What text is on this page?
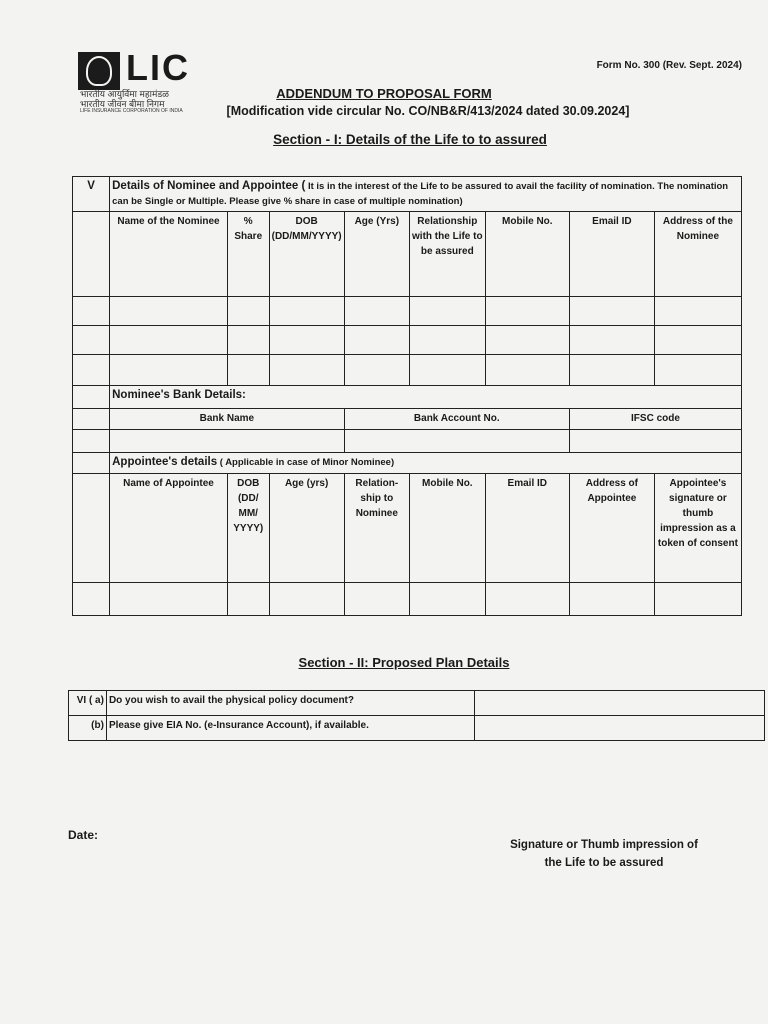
LIC
भारतीय आयुर्विमा महामंडळ
भारतीय जीवन बीमा निगम
LIFE INSURANCE CORPORATION OF INDIA
Form No. 300 (Rev. Sept. 2024)
ADDENDUM TO PROPOSAL FORM
[Modification vide circular No. CO/NB&R/413/2024 dated 30.09.2024]
Section - I: Details of the Life to to assured
V	Details of Nominee and Appointee ( It is in the interest of the Life to be assured to avail the facility of nomination. The nomination can be Single or Multiple. Please give % share in case of multiple nomination)							
	Name of the Nominee	% Share	DOB (DD/MM/YYYY)	Age (Yrs)	Relationship with the Life to be assured	Mobile No.	Email ID	Address of the Nominee

	Nominee's Bank Details:							
	Bank Name			Bank Account No.			IFSC code	

	Appointee's details ( Applicable in case of Minor Nominee)							
	Name of Appointee	DOB (DD/ MM/ YYYY)	Age (yrs)	Relation-ship to Nominee	Mobile No.	Email ID	Address of Appointee	Appointee's signature or thumb impression as a token of consent

Section - II: Proposed Plan Details
VI ( a)	Do you wish to avail the physical policy document?	
(b)	Please give EIA No. (e-Insurance Account), if available.	
Date:
Signature or Thumb impression of the Life to be assured
